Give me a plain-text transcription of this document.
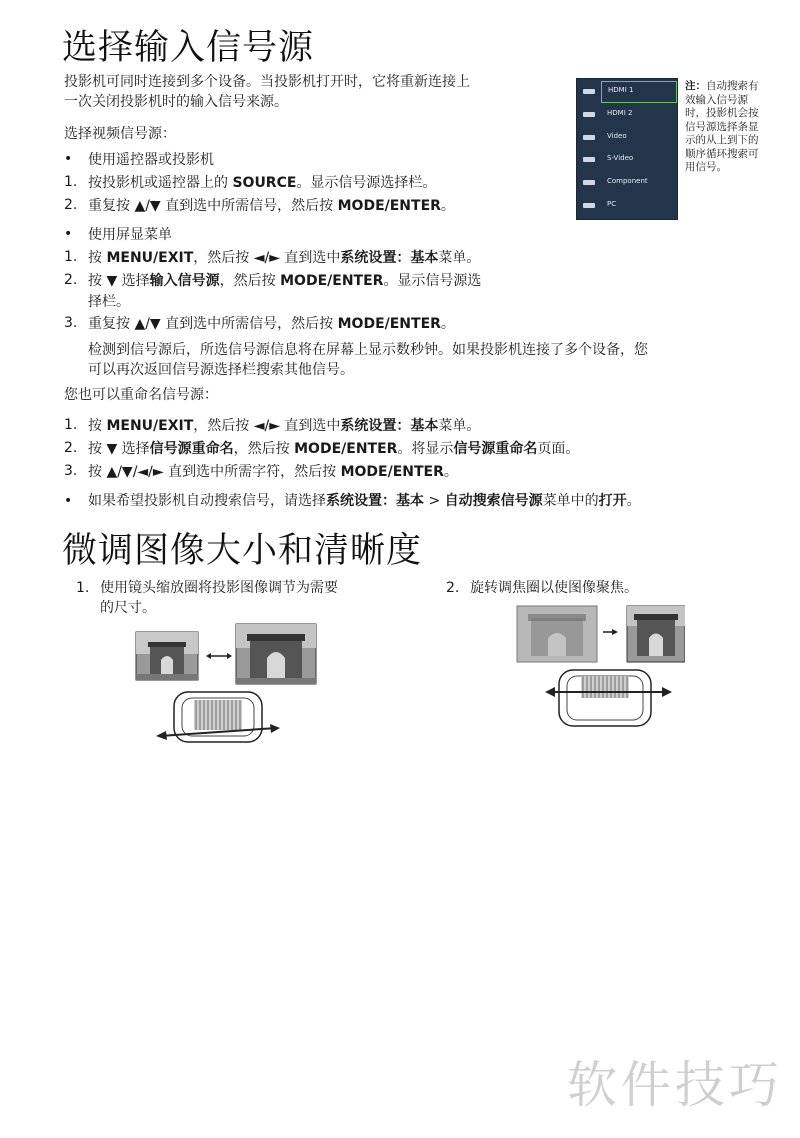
选择输入信号源
投影机可同时连接到多个设备。当投影机打开时，它将重新连接上
一次关闭投影机时的输入信号来源。
选择视频信号源：
• 使用遥控器或投影机
1. 按投影机或遥控器上的 SOURCE。显示信号源选择栏。
2. 重复按 ▲/▼ 直到选中所需信号，然后按 MODE/ENTER。
• 使用屏显菜单
1. 按 MENU/EXIT，然后按 ◄/► 直到选中系统设置：基本菜单。
2. 按 ▼ 选择输入信号源，然后按 MODE/ENTER。显示信号源选
择栏。
3. 重复按 ▲/▼ 直到选中所需信号，然后按 MODE/ENTER。
检测到信号源后，所选信号源信息将在屏幕上显示数秒钟。如果投影机连接了多个设备，您
可以再次返回信号源选择栏搜索其他信号。
您也可以重命名信号源：
1. 按 MENU/EXIT，然后按 ◄/► 直到选中系统设置：基本菜单。
2. 按 ▼ 选择信号源重命名，然后按 MODE/ENTER。将显示信号源重命名页面。
3. 按 ▲/▼/◄/► 直到选中所需字符，然后按 MODE/ENTER。
• 如果希望投影机自动搜索信号，请选择系统设置：基本 > 自动搜索信号源菜单中的打开。
HDMI 1
HDMI 2
Video
S-Video
Component
PC
注：自动搜索有
效输入信号源
时，投影机会按
信号源选择条显
示的从上到下的
顺序循环搜索可
用信号。
微调图像大小和清晰度
1. 使用镜头缩放圈将投影图像调节为需要
的尺寸。
2. 旋转调焦圈以使图像聚焦。
软件技巧
